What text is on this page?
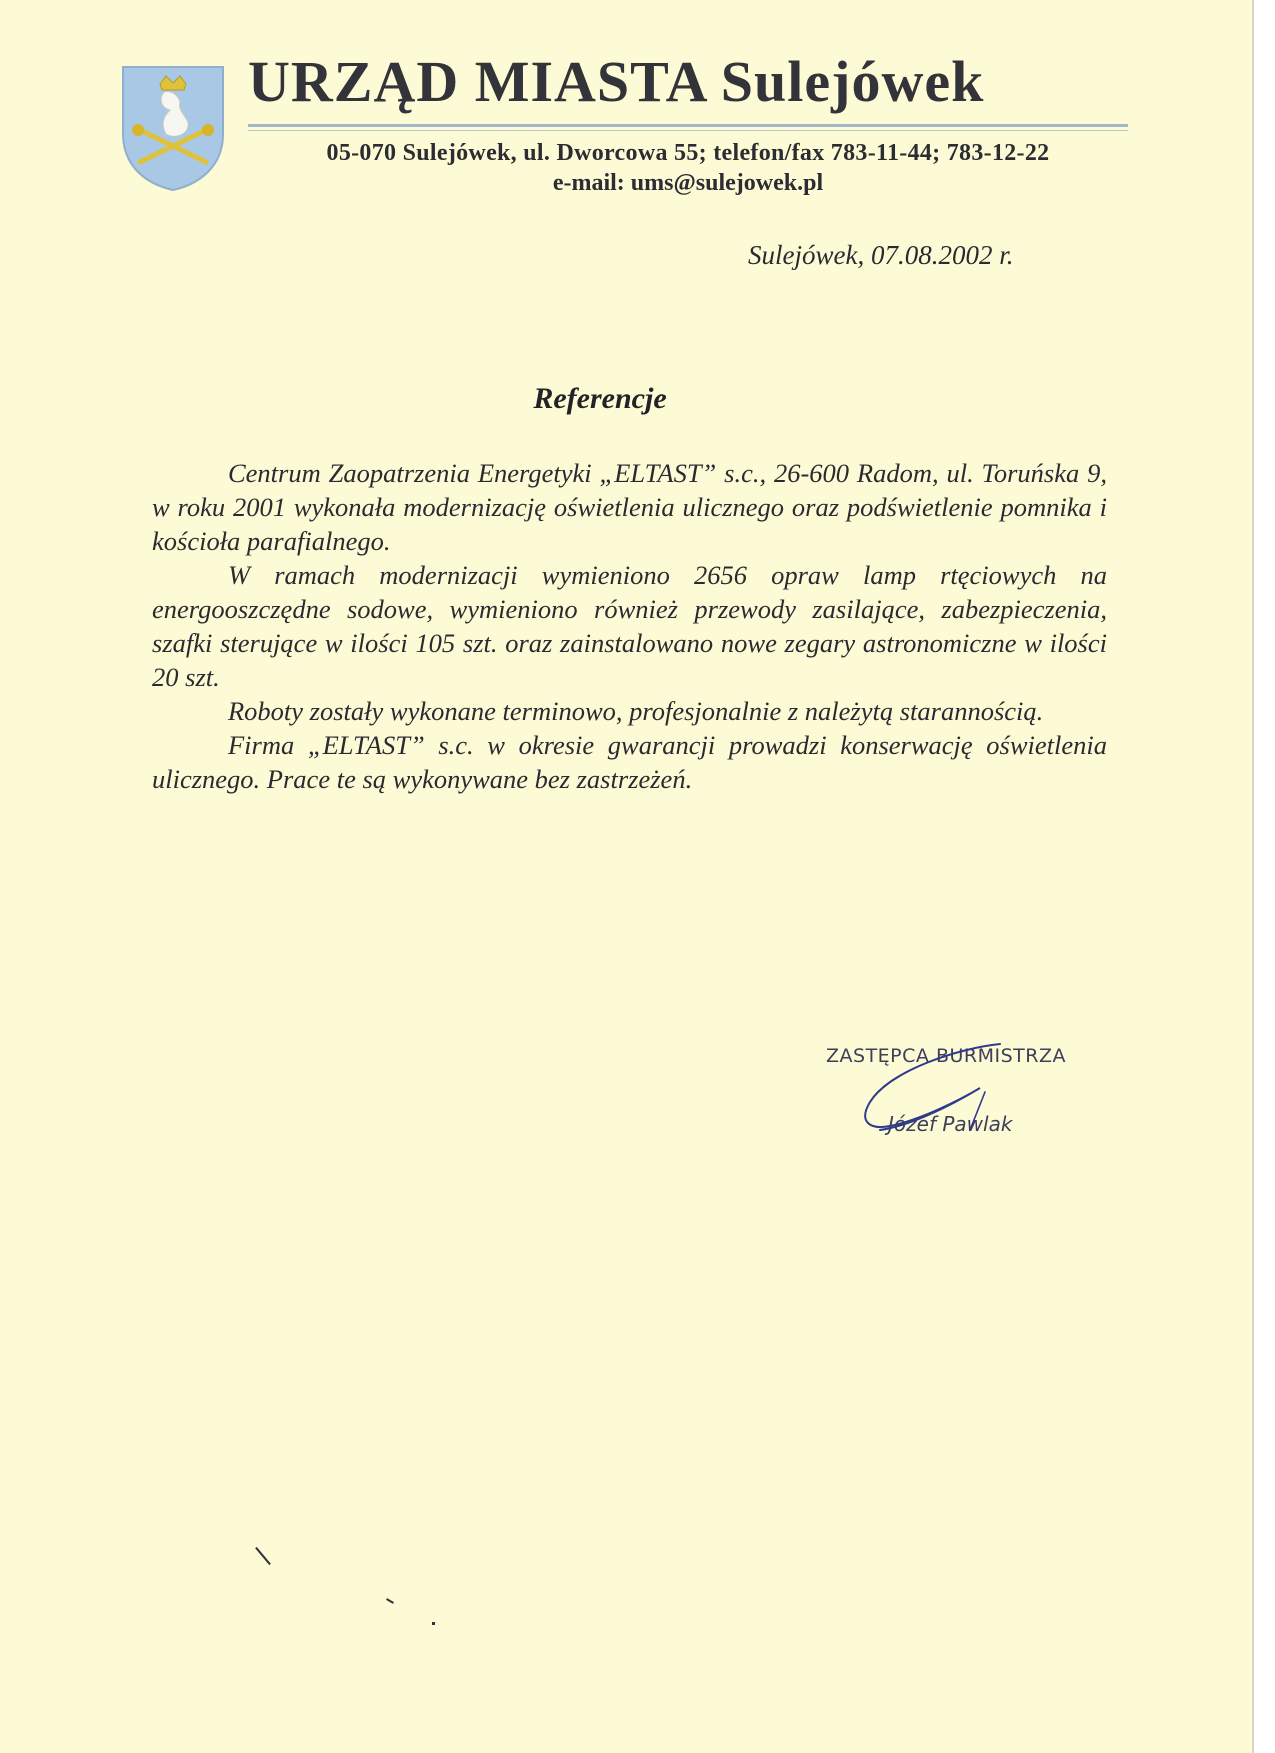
URZĄD MIASTA Sulejówek
05-070 Sulejówek, ul. Dworcowa 55; telefon/fax 783-11-44; 783-12-22
e-mail: ums@sulejowek.pl
Sulejówek, 07.08.2002 r.
Referencje

Centrum Zaopatrzenia Energetyki „ELTAST” s.c., 26-600 Radom, ul. Toruńska 9, w roku 2001 wykonała modernizację oświetlenia ulicznego oraz podświetlenie pomnika i kościoła parafialnego.

W ramach modernizacji wymieniono 2656 opraw lamp rtęciowych na energooszczędne sodowe, wymieniono również przewody zasilające, zabezpieczenia, szafki sterujące w ilości 105 szt. oraz zainstalowano nowe zegary astronomiczne w ilości 20 szt.

Roboty zostały wykonane terminowo, profesjonalnie z należytą starannością.

Firma „ELTAST” s.c. w okresie gwarancji prowadzi konserwację oświetlenia ulicznego. Prace te są wykonywane bez zastrzeżeń.

ZASTĘPCA BURMISTRZA
Józef Pawlak
